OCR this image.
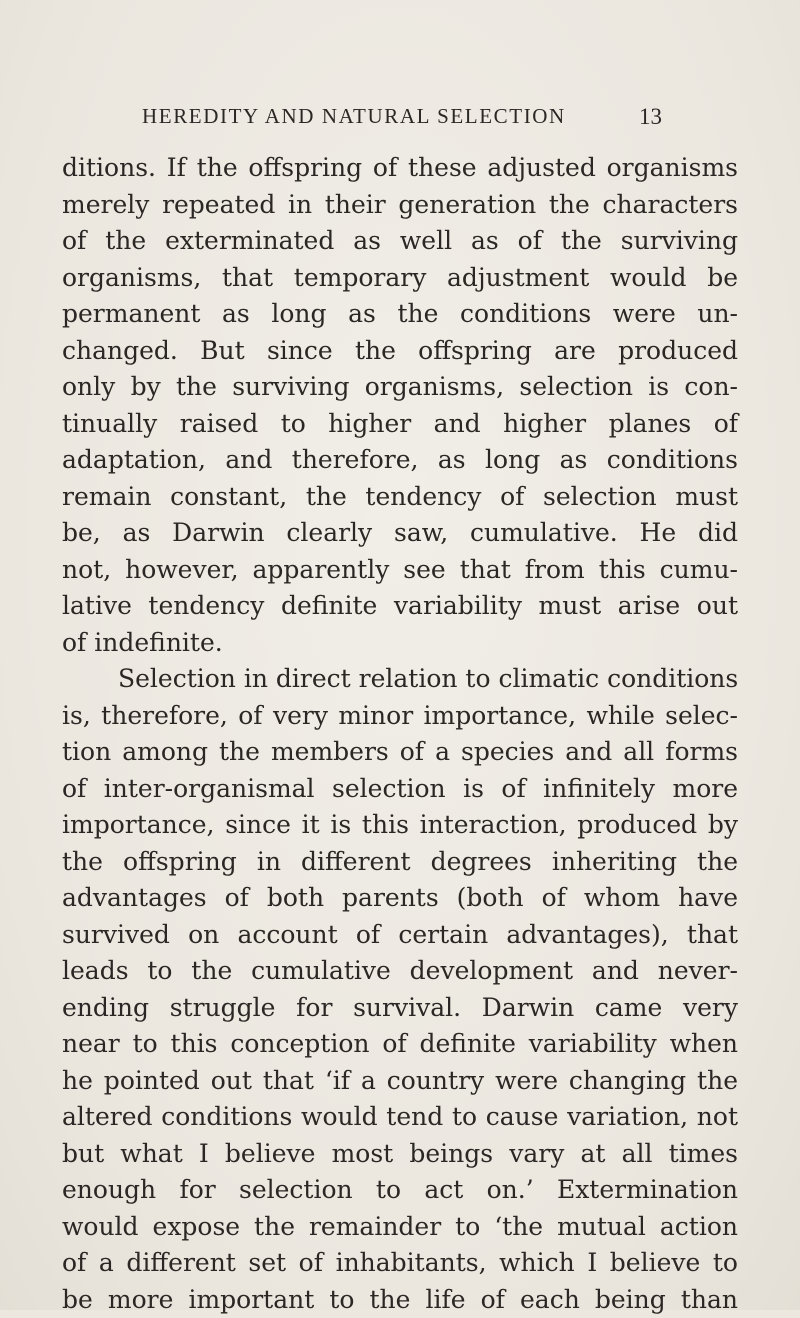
HEREDITY AND NATURAL SELECTION	13
ditions. If the offspring of these adjusted organisms
merely repeated in their generation the characters
of the exterminated as well as of the surviving
organisms, that temporary adjustment would be
permanent as long as the conditions were un-
changed. But since the offspring are produced
only by the surviving organisms, selection is con-
tinually raised to higher and higher planes of
adaptation, and therefore, as long as conditions
remain constant, the tendency of selection must
be, as Darwin clearly saw, cumulative. He did
not, however, apparently see that from this cumu-
lative tendency definite variability must arise out
of indefinite.
Selection in direct relation to climatic conditions
is, therefore, of very minor importance, while selec-
tion among the members of a species and all forms
of inter-organismal selection is of infinitely more
importance, since it is this interaction, produced by
the offspring in different degrees inheriting the
advantages of both parents (both of whom have
survived on account of certain advantages), that
leads to the cumulative development and never-
ending struggle for survival. Darwin came very
near to this conception of definite variability when
he pointed out that ‘if a country were changing the
altered conditions would tend to cause variation, not
but what I believe most beings vary at all times
enough for selection to act on.’ Extermination
would expose the remainder to ‘the mutual action
of a different set of inhabitants, which I believe to
be more important to the life of each being than
